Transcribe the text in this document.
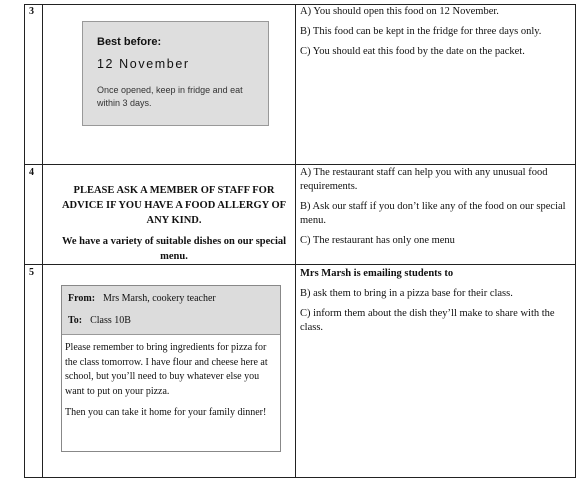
3
Best before:
12 November
Once opened, keep in fridge and eat within 3 days.

A) You should open this food on 12 November.

B) This food can be kept in the fridge for three days only.

C) You should eat this food by the date on the packet.

4
PLEASE ASK A MEMBER OF STAFF FOR ADVICE IF YOU HAVE A FOOD ALLERGY OF ANY KIND.
We have a variety of suitable dishes on our special menu.

A) The restaurant staff can help you with any unusual food requirements.

B) Ask our staff if you don’t like any of the food on our special menu.

C) The restaurant has only one menu

5
From: Mrs Marsh, cookery teacher
To: Class 10B

Please remember to bring ingredients for pizza for the class tomorrow. I have flour and cheese here at school, but you’ll need to buy whatever else you want to put on your pizza.

Then you can take it home for your family dinner!

Mrs Marsh is emailing students to

B) ask them to bring in a pizza base for their class.

C) inform them about the dish they’ll make to share with the class.
